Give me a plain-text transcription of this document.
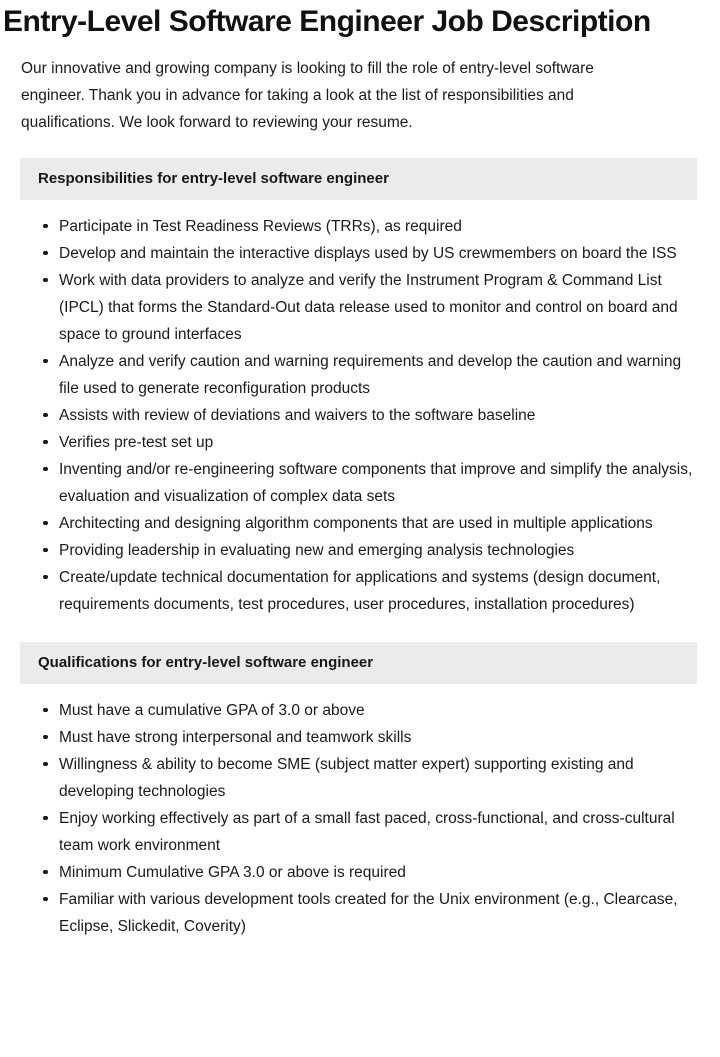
Entry-Level Software Engineer Job Description

Our innovative and growing company is looking to fill the role of entry-level software engineer. Thank you in advance for taking a look at the list of responsibilities and qualifications. We look forward to reviewing your resume.

Responsibilities for entry-level software engineer
Participate in Test Readiness Reviews (TRRs), as required
Develop and maintain the interactive displays used by US crewmembers on board the ISS
Work with data providers to analyze and verify the Instrument Program & Command List (IPCL) that forms the Standard-Out data release used to monitor and control on board and space to ground interfaces
Analyze and verify caution and warning requirements and develop the caution and warning file used to generate reconfiguration products
Assists with review of deviations and waivers to the software baseline
Verifies pre-test set up
Inventing and/or re-engineering software components that improve and simplify the analysis, evaluation and visualization of complex data sets
Architecting and designing algorithm components that are used in multiple applications
Providing leadership in evaluating new and emerging analysis technologies
Create/update technical documentation for applications and systems (design document, requirements documents, test procedures, user procedures, installation procedures)
Qualifications for entry-level software engineer
Must have a cumulative GPA of 3.0 or above
Must have strong interpersonal and teamwork skills
Willingness & ability to become SME (subject matter expert) supporting existing and developing technologies
Enjoy working effectively as part of a small fast paced, cross-functional, and cross-cultural team work environment
Minimum Cumulative GPA 3.0 or above is required
Familiar with various development tools created for the Unix environment (e.g., Clearcase, Eclipse, Slickedit, Coverity)
